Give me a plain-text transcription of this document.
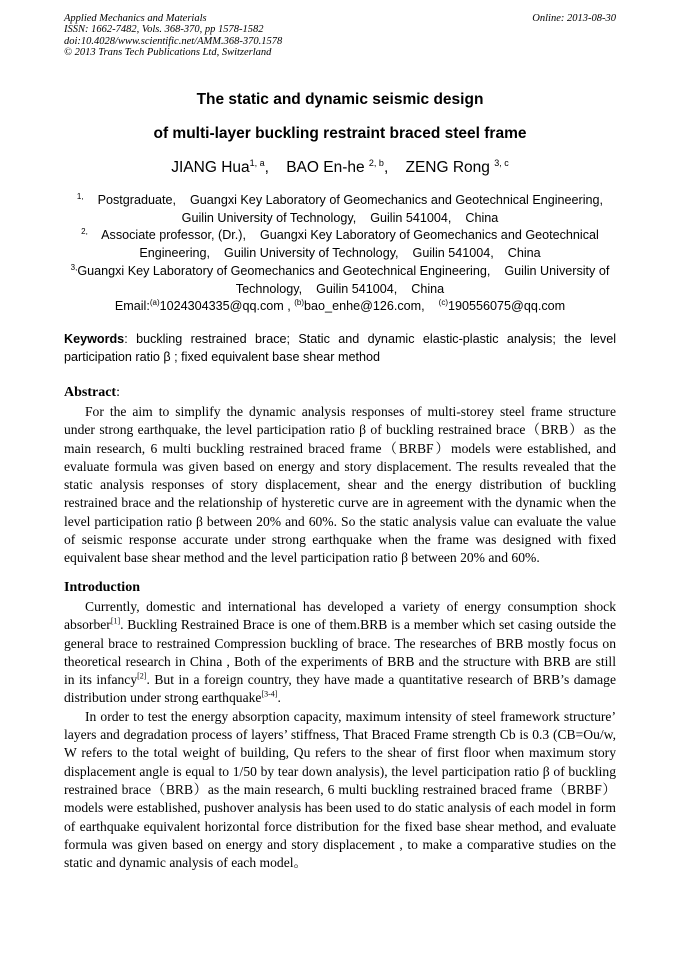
Applied Mechanics and Materials
ISSN: 1662-7482, Vols. 368-370, pp 1578-1582
doi:10.4028/www.scientific.net/AMM.368-370.1578
© 2013 Trans Tech Publications Ltd, Switzerland
Online: 2013-08-30
The static and dynamic seismic design
of multi-layer buckling restraint braced steel frame
JIANG Hua$^{1, a}$,    BAO En-he $^{2, b}$,    ZENG Rong $^{3, c}$
$^{1,}$ Postgraduate,    Guangxi Key Laboratory of Geomechanics and Geotechnical Engineering,
Guilin University of Technology,    Guilin 541004,    China
$^{2,}$ Associate professor, (Dr.),    Guangxi Key Laboratory of Geomechanics and Geotechnical
Engineering,    Guilin University of Technology,    Guilin 541004,    China
$^{3,}$Guangxi Key Laboratory of Geomechanics and Geotechnical Engineering,    Guilin University of
Technology,    Guilin 541004,    China
Email:$^{(a)}$1024304335@qq.com , $^{(b)}$bao_enhe@126.com, $^{(c)}$190556075@qq.com
Keywords: buckling restrained brace; Static and dynamic elastic-plastic analysis; the level participation ratio β ; fixed equivalent base shear method
Abstract:

For the aim to simplify the dynamic analysis responses of multi-storey steel frame structure under strong earthquake, the level participation ratio β of buckling restrained brace（BRB）as the main research, 6 multi buckling restrained braced frame（BRBF）models were established, and evaluate formula was given based on energy and story displacement. The results revealed that the static analysis responses of story displacement, shear and the energy distribution of buckling restrained brace and the relationship of hysteretic curve are in agreement with the dynamic when the level participation ratio β between 20% and 60%. So the static analysis value can evaluate the value of seismic response accurate under strong earthquake when the frame was designed with fixed equivalent base shear method and the level participation ratio β between 20% and 60%.

Introduction

Currently, domestic and international has developed a variety of energy consumption shock absorber[1]. Buckling Restrained Brace is one of them.BRB is a member which set casing outside the general brace to restrained Compression buckling of brace. The researches of BRB mostly focus on theoretical research in China , Both of the experiments of BRB and the structure with BRB are still in its infancy[2]. But in a foreign country, they have made a quantitative research of BRB’s damage distribution under strong earthquake[3-4].

In order to test the energy absorption capacity, maximum intensity of steel framework structure’ layers and degradation process of layers’ stiffness, That Braced Frame strength Cb is 0.3 (CB=Ou/w, W refers to the total weight of building, Qu refers to the shear of first floor when maximum story displacement angle is equal to 1/50 by tear down analysis), the level participation ratio β of buckling restrained brace（BRB）as the main research, 6 multi buckling restrained braced frame（BRBF）models were established, pushover analysis has been used to do static analysis of each model in form of earthquake equivalent horizontal force distribution for the fixed base shear method, and evaluate formula was given based on energy and story displacement , to make a comparative studies on the static and dynamic analysis of each model。
